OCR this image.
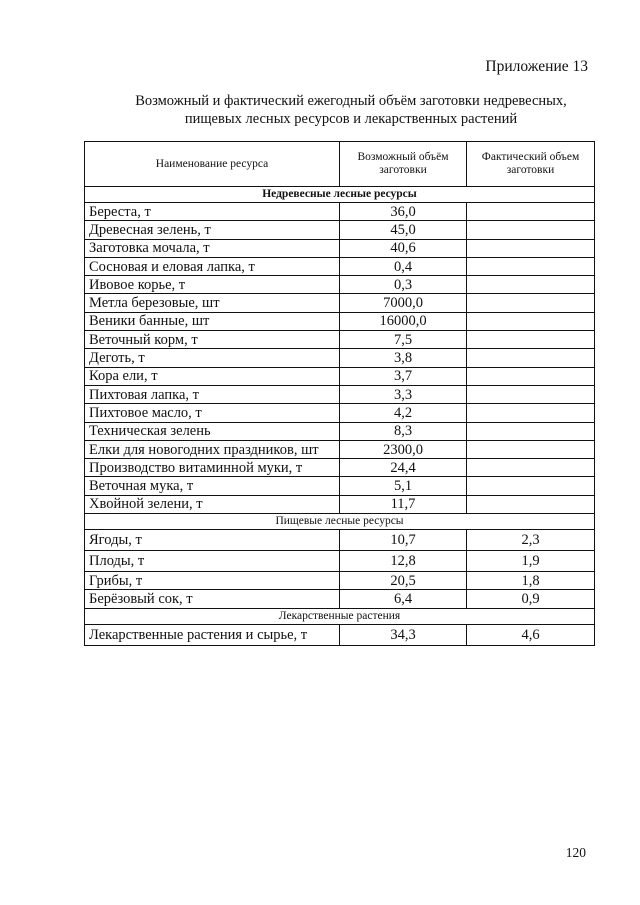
Приложение 13
Возможный и фактический ежегодный объём заготовки недревесных,
пищевых лесных ресурсов и лекарственных растений
Наименование ресурса	Возможный объём заготовки	Фактический объем заготовки
Недревесные лесные ресурсы		
Береста, т	36,0	
Древесная зелень, т	45,0	
Заготовка мочала, т	40,6	
Сосновая и еловая лапка, т	0,4	
Ивовое корье, т	0,3	
Метла березовые, шт	7000,0	
Веники банные, шт	16000,0	
Веточный корм, т	7,5	
Деготь, т	3,8	
Кора ели, т	3,7	
Пихтовая лапка, т	3,3	
Пихтовое масло, т	4,2	
Техническая зелень	8,3	
Елки для новогодних праздников, шт	2300,0	
Производство витаминной муки, т	24,4	
Веточная мука, т	5,1	
Хвойной зелени, т	11,7	
Пищевые лесные ресурсы		
Ягоды, т	10,7	2,3
Плоды, т	12,8	1,9
Грибы, т	20,5	1,8
Берёзовый сок, т	6,4	0,9
Лекарственные растения		
Лекарственные растения и сырье, т	34,3	4,6
120
